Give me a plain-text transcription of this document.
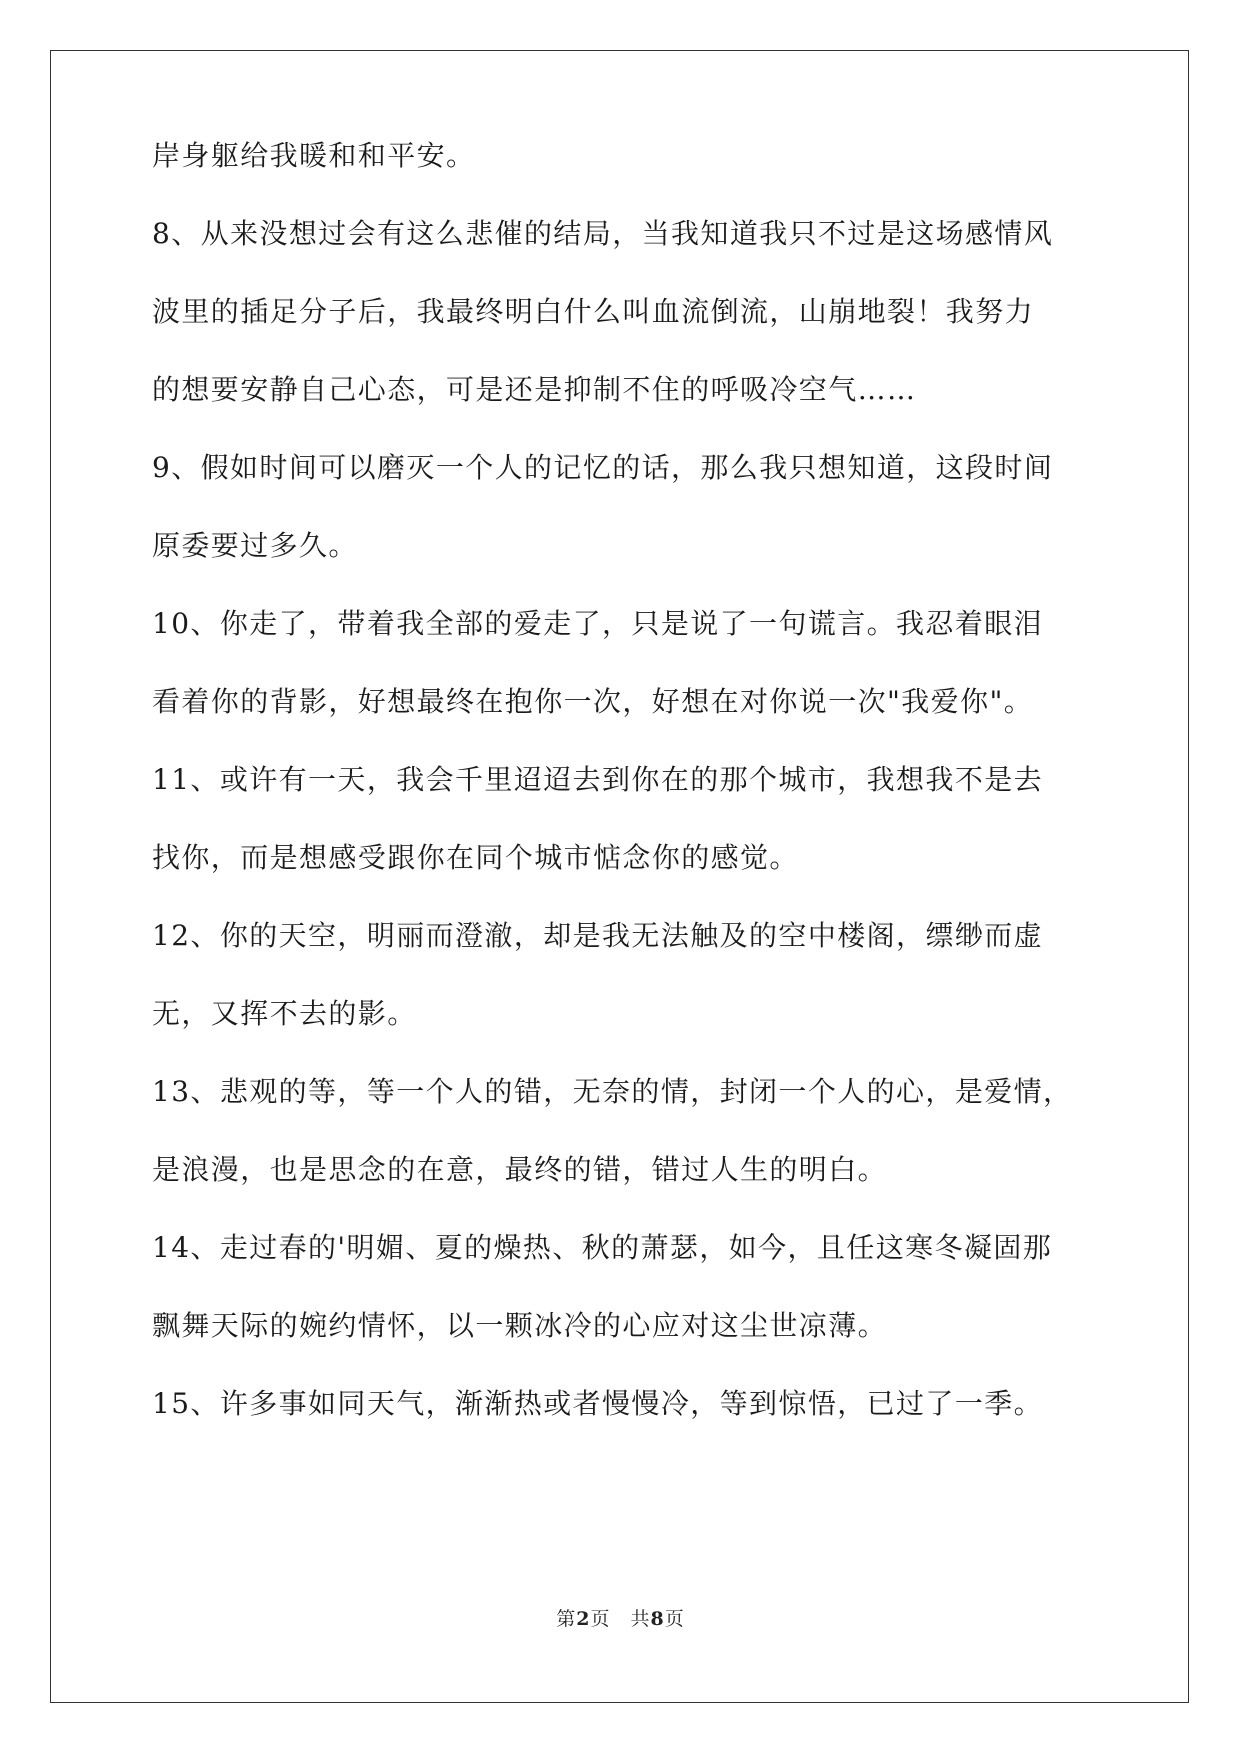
岸身躯给我暖和和平安。
8、从来没想过会有这么悲催的结局，当我知道我只不过是这场感情风
波里的插足分子后，我最终明白什么叫血流倒流，山崩地裂！我努力
的想要安静自己心态，可是还是抑制不住的呼吸冷空气……
9、假如时间可以磨灭一个人的记忆的话，那么我只想知道，这段时间
原委要过多久。
10、你走了，带着我全部的爱走了，只是说了一句谎言。我忍着眼泪
看着你的背影，好想最终在抱你一次，好想在对你说一次"我爱你"。
11、或许有一天，我会千里迢迢去到你在的那个城市，我想我不是去
找你，而是想感受跟你在同个城市惦念你的感觉。
12、你的天空，明丽而澄澈，却是我无法触及的空中楼阁，缥缈而虚
无，又挥不去的影。
13、悲观的等，等一个人的错，无奈的情，封闭一个人的心，是爱情，
是浪漫，也是思念的在意，最终的错，错过人生的明白。
14、走过春的'明媚、夏的燥热、秋的萧瑟，如今，且任这寒冬凝固那
飘舞天际的婉约情怀，以一颗冰冷的心应对这尘世凉薄。
15、许多事如同天气，渐渐热或者慢慢冷，等到惊悟，已过了一季。
第2页 共8页
